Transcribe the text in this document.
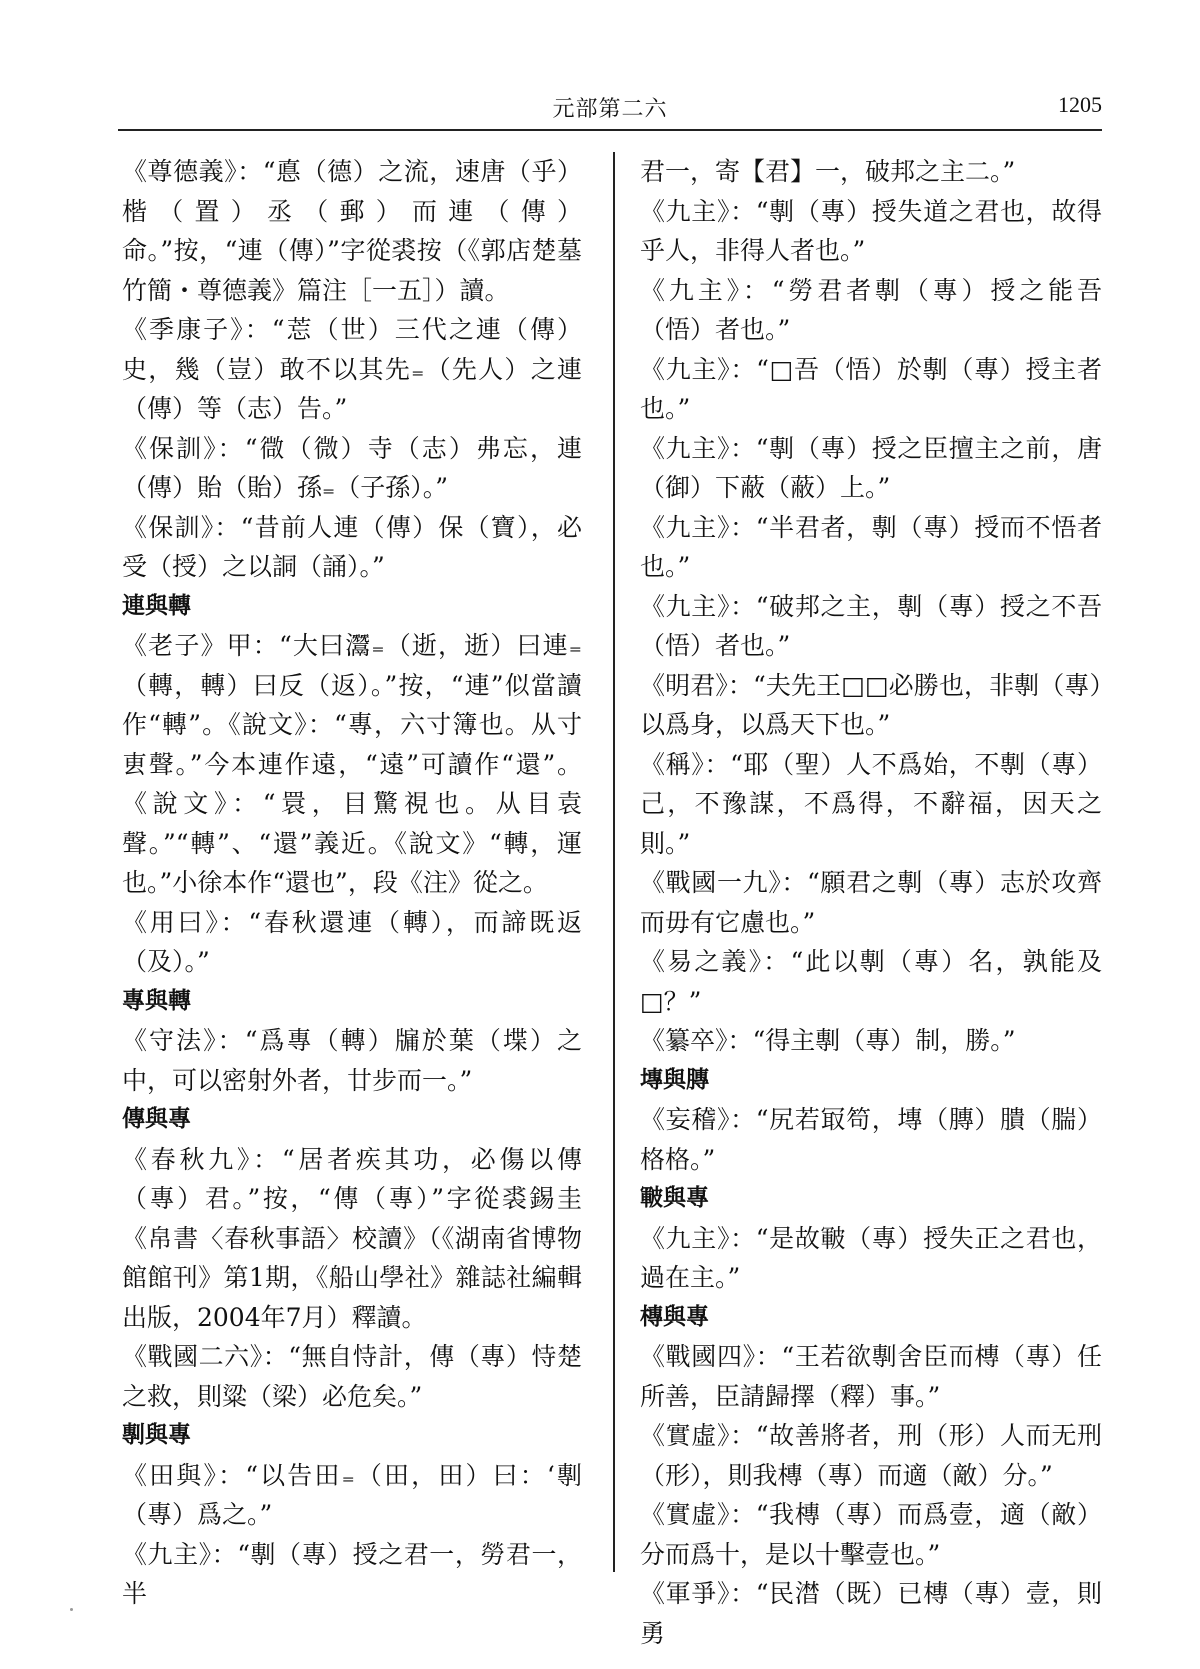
元部第二六	1205

《尊德義》：“悳（德）之流，速唐（乎）楷（置）丞（郵）而連（傳）命。”按，“連（傳）”字從裘按（《郭店楚墓竹簡・尊德義》篇注［一五］）讀。

《季康子》：“莣（世）三代之連（傳）史，幾（豈）敢不以其先₌（先人）之連（傳）等（志）告。”

《保訓》：“㣲（微）寺（志）弗忘，連（傳）貽（貽）孫₌（子孫）。”

《保訓》：“昔前人連（傳）保（寶），必受（授）之以詷（誦）。”

連與轉

《老子》甲：“大曰灊₌（逝，逝）曰連₌（轉，轉）曰反（返）。”按，“連”似當讀作“轉”。《說文》：“專，六寸簿也。从寸叀聲。”今本連作遠，“遠”可讀作“還”。《說文》：“睘，目驚視也。从目袁聲。”“轉”、“還”義近。《說文》“轉，運也。”小徐本作“還也”，段《注》從之。

《用曰》：“春秋還連（轉），而諦既返（及）。”

專與轉

《守法》：“爲專（轉）牖於葉（堞）之中，可以密射外者，廿步而一。”

傳與專

《春秋九》：“居者疾其功，必傷以傳（專）君。”按，“傳（專）”字從裘錫圭《帛書〈春秋事語〉校讀》（《湖南省博物館館刊》第1期，《船山學社》雜誌社編輯出版，2004年7月）釋讀。

《戰國二六》：“無自恃計，傳（專）恃楚之救，則粱（梁）必危矣。”

剸與專

《田與》：“以告田₌（田，田）曰：‘剸（專）爲之。”

《九主》：“剸（專）授之君一，勞君一，半

君一，寄【君】一，破邦之主二。”

《九主》：“剸（專）授失道之君也，故得乎人，非得人者也。”

《九主》：“勞君者剸（專）授之能吾（悟）者也。”

《九主》：“□吾（悟）於剸（專）授主者也。”

《九主》：“剸（專）授之臣擅主之前，唐（御）下蔽（蔽）上。”

《九主》：“半君者，剸（專）授而不悟者也。”

《九主》：“破邦之主，剸（專）授之不吾（悟）者也。”

《明君》：“夫先王□□必勝也，非剸（專）以爲身，以爲天下也。”

《稱》：“耶（聖）人不爲始，不剸（專）己，不豫謀，不爲得，不辭福，因天之則。”

《戰國一九》：“願君之剸（專）志於攻齊而毋有它慮也。”

《易之義》：“此以剸（專）名，孰能及□？”

《纂卒》：“得主剸（專）制，勝。”

塼與膞

《妄稽》：“尻若冣笱，塼（膞）膭（腨）格格。”

皸與專

《九主》：“是故皸（專）授失正之君也，過在主。”

槫與專

《戰國四》：“王若欲剸舍臣而槫（專）任所善，臣請歸擇（釋）事。”

《實虛》：“故善將者，刑（形）人而无刑（形），則我槫（專）而適（敵）分。”

《實虛》：“我槫（專）而爲壹，適（敵）分而爲十，是以十擊壹也。”

《軍爭》：“民澘（既）已槫（專）壹，則勇
